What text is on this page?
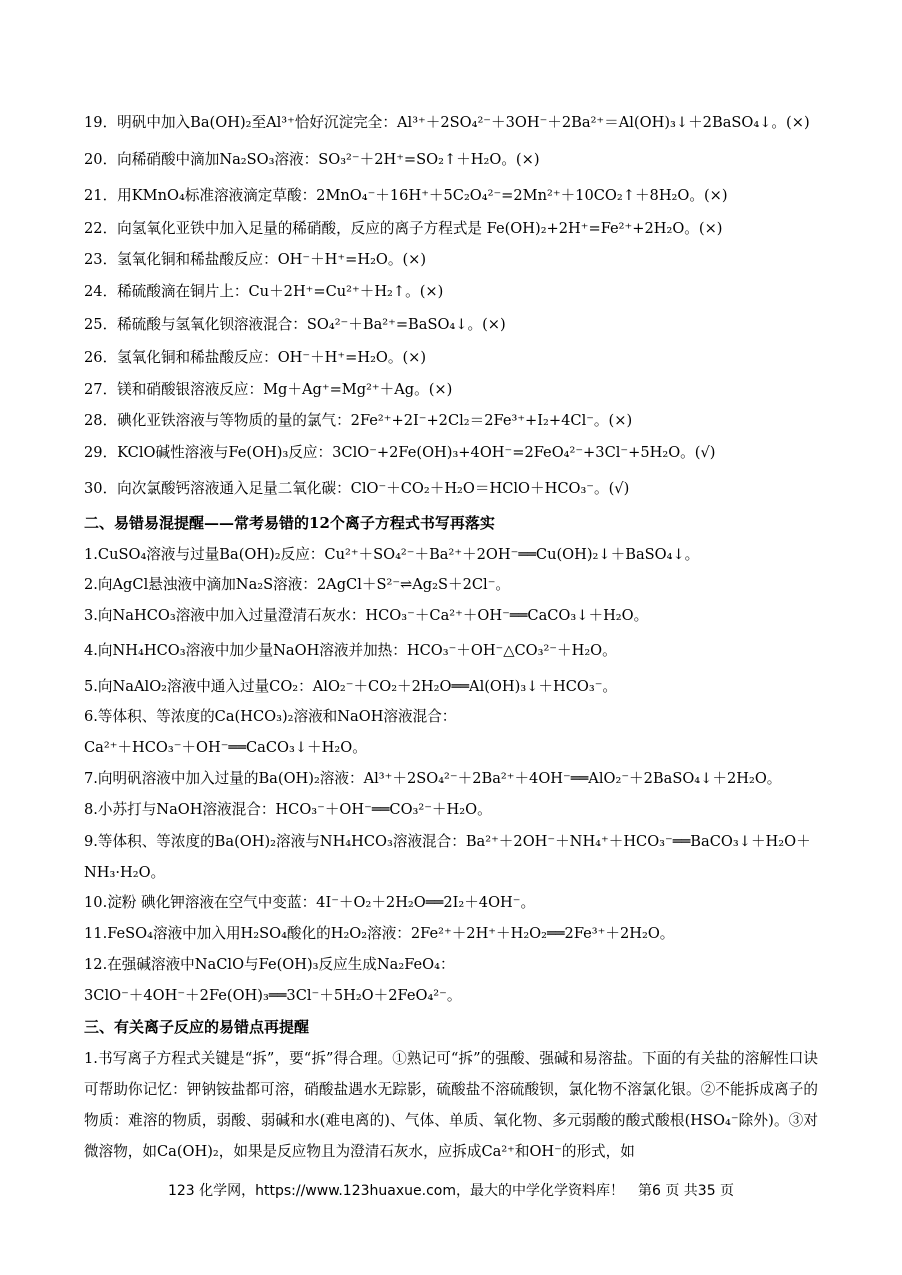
19．明矾中加入Ba(OH)₂至Al³⁺恰好沉淀完全：Al³⁺＋2SO₄²⁻＋3OH⁻＋2Ba²⁺＝Al(OH)₃↓＋2BaSO₄↓。(×)
20．向稀硝酸中滴加Na₂SO₃溶液：SO₃²⁻＋2H⁺=SO₂↑＋H₂O。(×)
21．用KMnO₄标准溶液滴定草酸：2MnO₄⁻＋16H⁺＋5C₂O₄²⁻=2Mn²⁺＋10CO₂↑＋8H₂O。(×)
22．向氢氧化亚铁中加入足量的稀硝酸，反应的离子方程式是 Fe(OH)₂+2H⁺=Fe²⁺+2H₂O。(×)
23．氢氧化铜和稀盐酸反应：OH⁻＋H⁺=H₂O。(×)
24．稀硫酸滴在铜片上：Cu＋2H⁺=Cu²⁺＋H₂↑。(×)
25．稀硫酸与氢氧化钡溶液混合：SO₄²⁻＋Ba²⁺=BaSO₄↓。(×)
26．氢氧化铜和稀盐酸反应：OH⁻＋H⁺=H₂O。(×)
27．镁和硝酸银溶液反应：Mg＋Ag⁺=Mg²⁺＋Ag。(×)
28．碘化亚铁溶液与等物质的量的氯气：2Fe²⁺+2I⁻+2Cl₂＝2Fe³⁺+I₂+4Cl⁻。(×)
29．KClO碱性溶液与Fe(OH)₃反应：3ClO⁻+2Fe(OH)₃+4OH⁻=2FeO₄²⁻+3Cl⁻+5H₂O。(√)
30．向次氯酸钙溶液通入足量二氧化碳：ClO⁻＋CO₂＋H₂O＝HClO＋HCO₃⁻。(√)
二、易错易混提醒——常考易错的12个离子方程式书写再落实
1.CuSO₄溶液与过量Ba(OH)₂反应：Cu²⁺＋SO₄²⁻＋Ba²⁺＋2OH⁻══Cu(OH)₂↓＋BaSO₄↓。
2.向AgCl悬浊液中滴加Na₂S溶液：2AgCl＋S²⁻⇌Ag₂S＋2Cl⁻。
3.向NaHCO₃溶液中加入过量澄清石灰水：HCO₃⁻＋Ca²⁺＋OH⁻══CaCO₃↓＋H₂O。
4.向NH₄HCO₃溶液中加少量NaOH溶液并加热：HCO₃⁻＋OH⁻△CO₃²⁻＋H₂O。
5.向NaAlO₂溶液中通入过量CO₂：AlO₂⁻＋CO₂＋2H₂O══Al(OH)₃↓＋HCO₃⁻。
6.等体积、等浓度的Ca(HCO₃)₂溶液和NaOH溶液混合：
Ca²⁺＋HCO₃⁻＋OH⁻══CaCO₃↓＋H₂O。
7.向明矾溶液中加入过量的Ba(OH)₂溶液：Al³⁺＋2SO₄²⁻＋2Ba²⁺＋4OH⁻══AlO₂⁻＋2BaSO₄↓＋2H₂O。
8.小苏打与NaOH溶液混合：HCO₃⁻＋OH⁻══CO₃²⁻＋H₂O。
9.等体积、等浓度的Ba(OH)₂溶液与NH₄HCO₃溶液混合：Ba²⁺＋2OH⁻＋NH₄⁺＋HCO₃⁻══BaCO₃↓＋H₂O＋
NH₃·H₂O。
10.淀粉 碘化钾溶液在空气中变蓝：4I⁻＋O₂＋2H₂O══2I₂＋4OH⁻。
11.FeSO₄溶液中加入用H₂SO₄酸化的H₂O₂溶液：2Fe²⁺＋2H⁺＋H₂O₂══2Fe³⁺＋2H₂O。
12.在强碱溶液中NaClO与Fe(OH)₃反应生成Na₂FeO₄：
3ClO⁻＋4OH⁻＋2Fe(OH)₃══3Cl⁻＋5H₂O＋2FeO₄²⁻。
三、有关离子反应的易错点再提醒
1.书写离子方程式关键是“拆”，要“拆”得合理。①熟记可“拆”的强酸、强碱和易溶盐。下面的有关盐的溶解性口诀可帮助你记忆：钾钠铵盐都可溶，硝酸盐遇水无踪影，硫酸盐不溶硫酸钡，氯化物不溶氯化银。②不能拆成离子的物质：难溶的物质，弱酸、弱碱和水(难电离的)、气体、单质、氧化物、多元弱酸的酸式酸根(HSO₄⁻除外)。③对微溶物，如Ca(OH)₂，如果是反应物且为澄清石灰水，应拆成Ca²⁺和OH⁻的形式，如
123 化学网，https://www.123huaxue.com，最大的中学化学资料库！　第6 页 共35 页
